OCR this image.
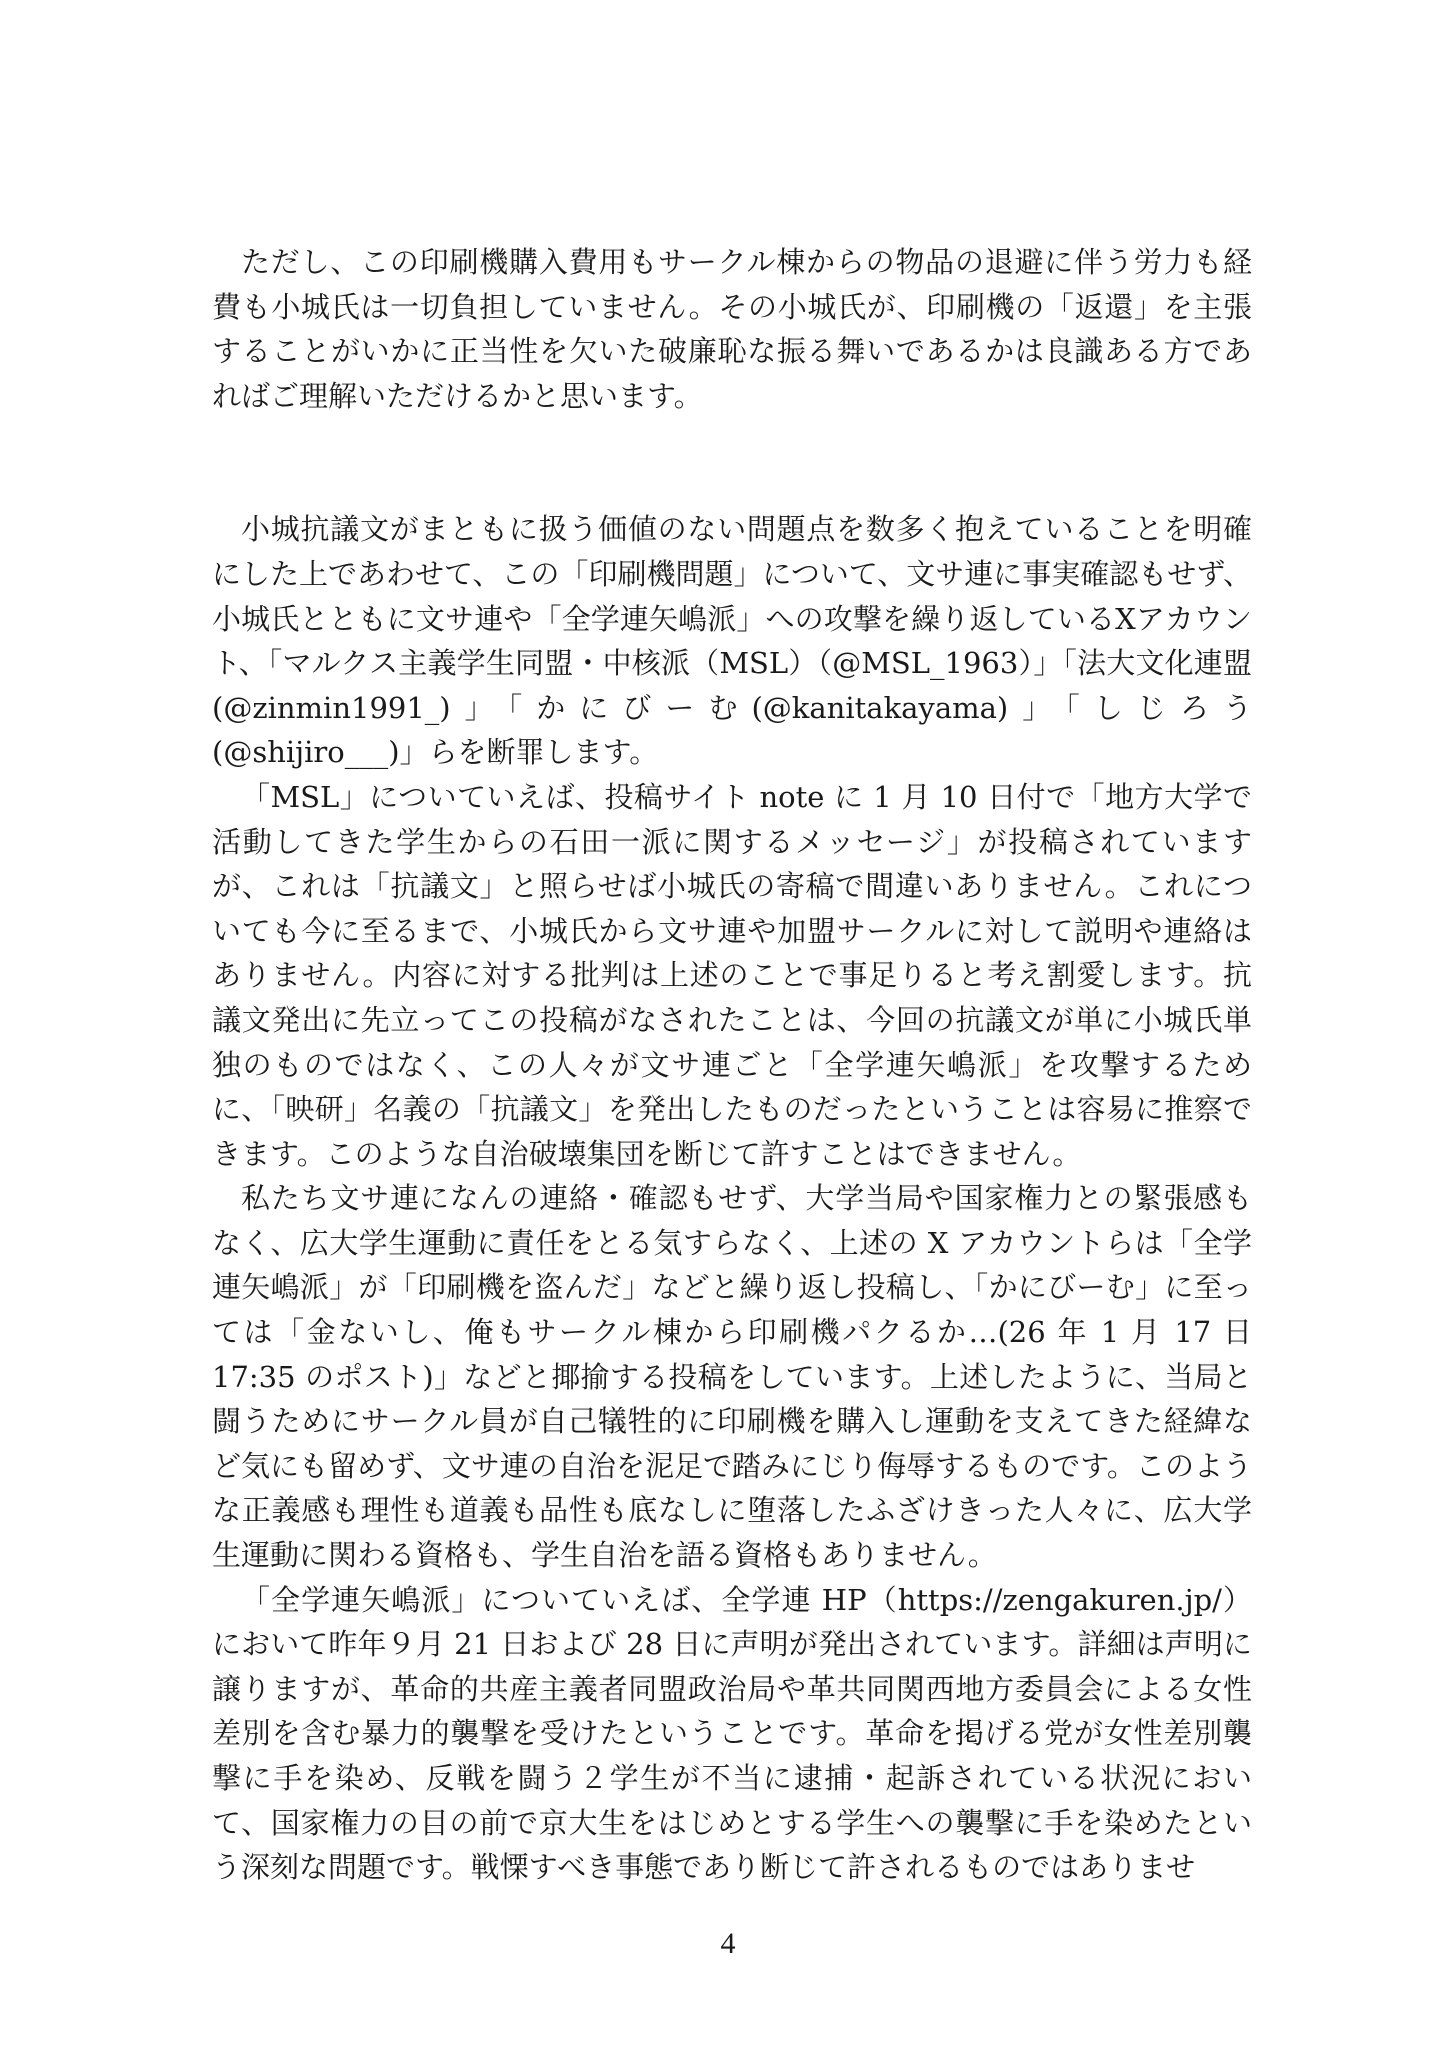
ただし、この印刷機購入費用もサークル棟からの物品の退避に伴う労力も経費も小城氏は一切負担していません。その小城氏が、印刷機の「返還」を主張することがいかに正当性を欠いた破廉恥な振る舞いであるかは良識ある方であればご理解いただけるかと思います。

小城抗議文がまともに扱う価値のない問題点を数多く抱えていることを明確にした上であわせて、この「印刷機問題」について、文サ連に事実確認もせず、小城氏とともに文サ連や「全学連矢嶋派」への攻撃を繰り返しているXアカウント、「マルクス主義学生同盟・中核派（MSL）（@MSL_1963）」「法大文化連盟(@zinmin1991_)」「かにびーむ(@kanitakayama)」「しじろう(@shijiro___)」らを断罪します。

「MSL」についていえば、投稿サイト note に 1 月 10 日付で「地方大学で活動してきた学生からの石田一派に関するメッセージ」が投稿されていますが、これは「抗議文」と照らせば小城氏の寄稿で間違いありません。これについても今に至るまで、小城氏から文サ連や加盟サークルに対して説明や連絡はありません。内容に対する批判は上述のことで事足りると考え割愛します。抗議文発出に先立ってこの投稿がなされたことは、今回の抗議文が単に小城氏単独のものではなく、この人々が文サ連ごと「全学連矢嶋派」を攻撃するために、「映研」名義の「抗議文」を発出したものだったということは容易に推察できます。このような自治破壊集団を断じて許すことはできません。

私たち文サ連になんの連絡・確認もせず、大学当局や国家権力との緊張感もなく、広大学生運動に責任をとる気すらなく、上述の X アカウントらは「全学連矢嶋派」が「印刷機を盗んだ」などと繰り返し投稿し、「かにびーむ」に至っては「金ないし、俺もサークル棟から印刷機パクるか…(26 年 1 月 17 日 17:35 のポスト)」などと揶揄する投稿をしています。上述したように、当局と闘うためにサークル員が自己犠牲的に印刷機を購入し運動を支えてきた経緯など気にも留めず、文サ連の自治を泥足で踏みにじり侮辱するものです。このような正義感も理性も道義も品性も底なしに堕落したふざけきった人々に、広大学生運動に関わる資格も、学生自治を語る資格もありません。

「全学連矢嶋派」についていえば、全学連 HP（https://zengakuren.jp/）において昨年９月 21 日および 28 日に声明が発出されています。詳細は声明に譲りますが、革命的共産主義者同盟政治局や革共同関西地方委員会による女性差別を含む暴力的襲撃を受けたということです。革命を掲げる党が女性差別襲撃に手を染め、反戦を闘う２学生が不当に逮捕・起訴されている状況において、国家権力の目の前で京大生をはじめとする学生への襲撃に手を染めたという深刻な問題です。戦慄すべき事態であり断じて許されるものではありませ

4
